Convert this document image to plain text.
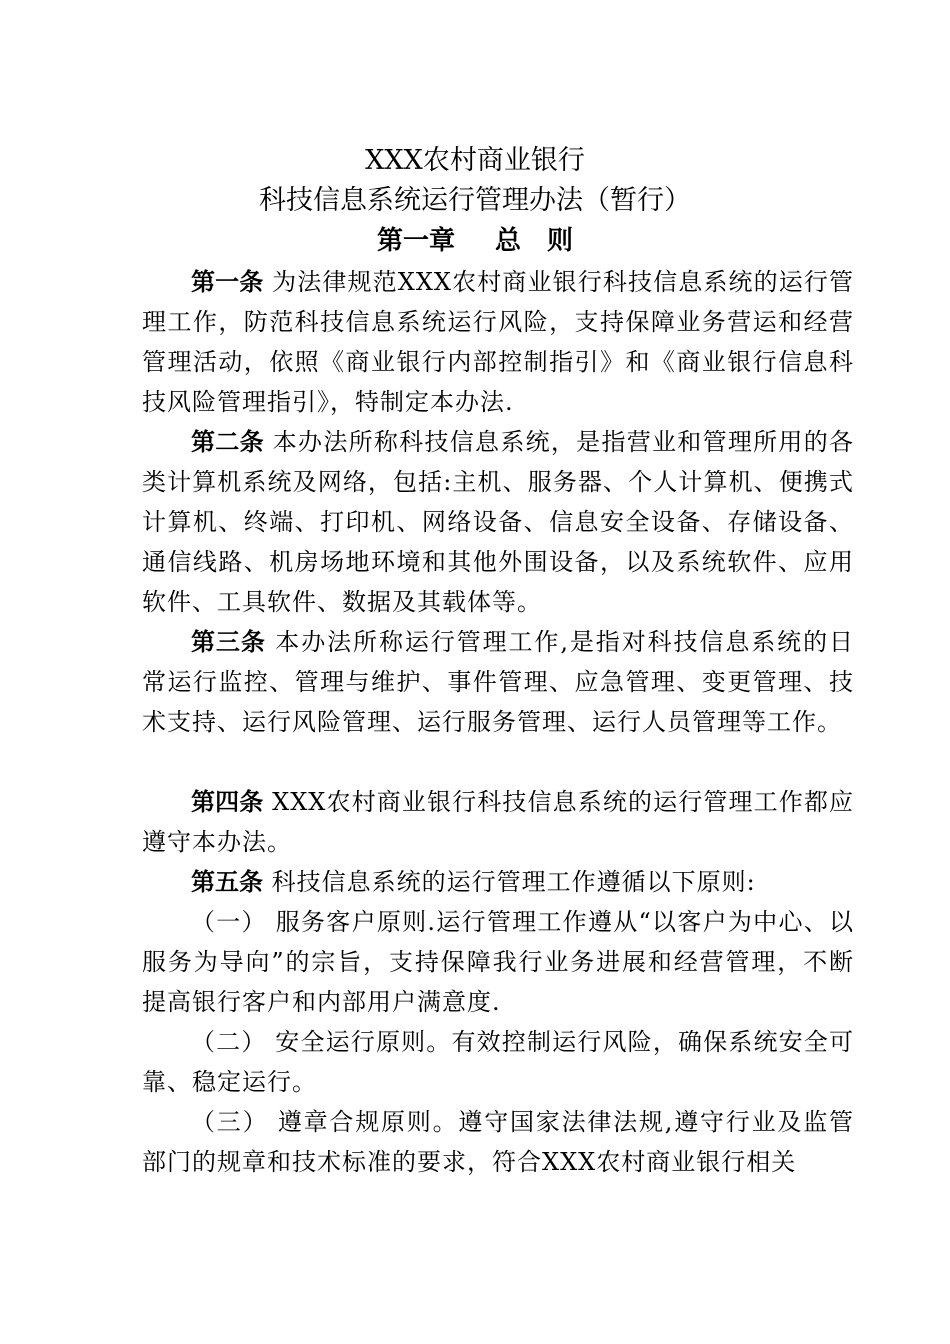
XXX农村商业银行
科技信息系统运行管理办法（暂行）
第一章 总　则

第一条 为法律规范XXX农村商业银行科技信息系统的运行管理工作，防范科技信息系统运行风险，支持保障业务营运和经营管理活动，依照《商业银行内部控制指引》和《商业银行信息科技风险管理指引》，特制定本办法.

第二条 本办法所称科技信息系统，是指营业和管理所用的各类计算机系统及网络，包括:主机、服务器、个人计算机、便携式计算机、终端、打印机、网络设备、信息安全设备、存储设备、通信线路、机房场地环境和其他外围设备，以及系统软件、应用软件、工具软件、数据及其载体等。

第三条 本办法所称运行管理工作,是指对科技信息系统的日常运行监控、管理与维护、事件管理、应急管理、变更管理、技术支持、运行风险管理、运行服务管理、运行人员管理等工作。

第四条 XXX农村商业银行科技信息系统的运行管理工作都应遵守本办法。

第五条 科技信息系统的运行管理工作遵循以下原则:

（一） 服务客户原则.运行管理工作遵从“以客户为中心、以服务为导向”的宗旨，支持保障我行业务进展和经营管理，不断提高银行客户和内部用户满意度.

（二） 安全运行原则。有效控制运行风险，确保系统安全可靠、稳定运行。

（三） 遵章合规原则。遵守国家法律法规,遵守行业及监管部门的规章和技术标准的要求，符合XXX农村商业银行相关
